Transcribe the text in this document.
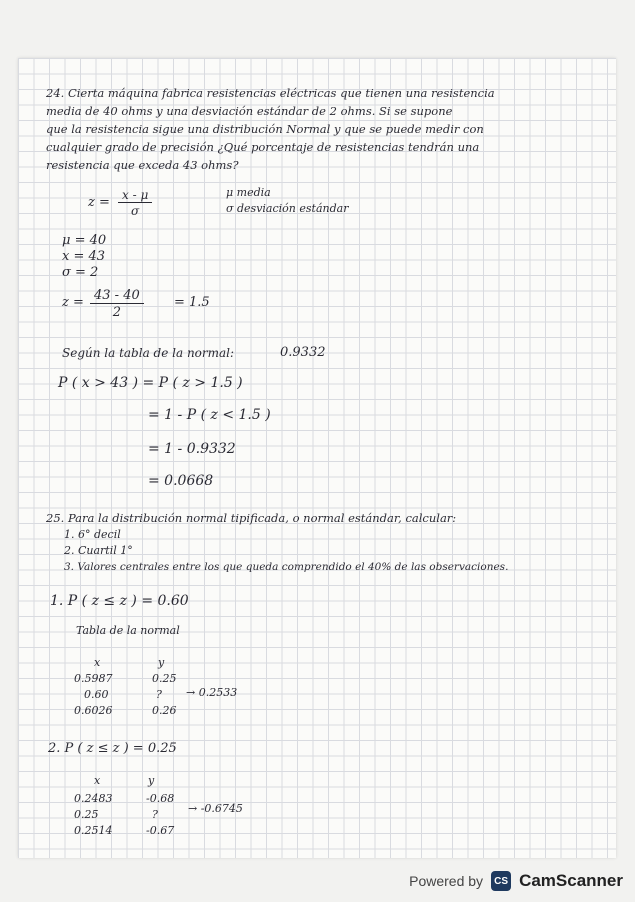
24. Cierta máquina fabrica resistencias eléctricas que tienen una resistencia
media de 40 ohms y una desviación estándar de 2 ohms. Si se supone
que la resistencia sigue una distribución Normal y que se puede medir con
cualquier grado de precisión ¿Qué porcentaje de resistencias tendrán una
resistencia que exceda 43 ohms?
$z = \frac{x - \mu}{\sigma}$	μ media
σ desviación estándar
μ = 40
x = 43
σ = 2
$z = \frac{43 - 40}{2} = 1.5$
Según la tabla de la normal:	0.9332
P ( x > 43 ) = P ( z > 1.5 )
= 1 - P ( z < 1.5 )
= 1 - 0.9332
= 0.0668
25. Para la distribución normal tipificada, o normal estándar, calcular:
1. 6° decil
2. Cuartil 1°
3. Valores centrales entre los que queda comprendido el 40% de las observaciones.
1. P ( z ≤ z ) = 0.60
Tabla de la normal
x	y
0.5987	0.25
0.60	?
0.6026	0.26
→ 0.2533
2. P ( z ≤ z ) = 0.25
x	y
0.2483	-0.68
0.25	?
0.2514	-0.67
→ -0.6745
Powered by	CS CamScanner
